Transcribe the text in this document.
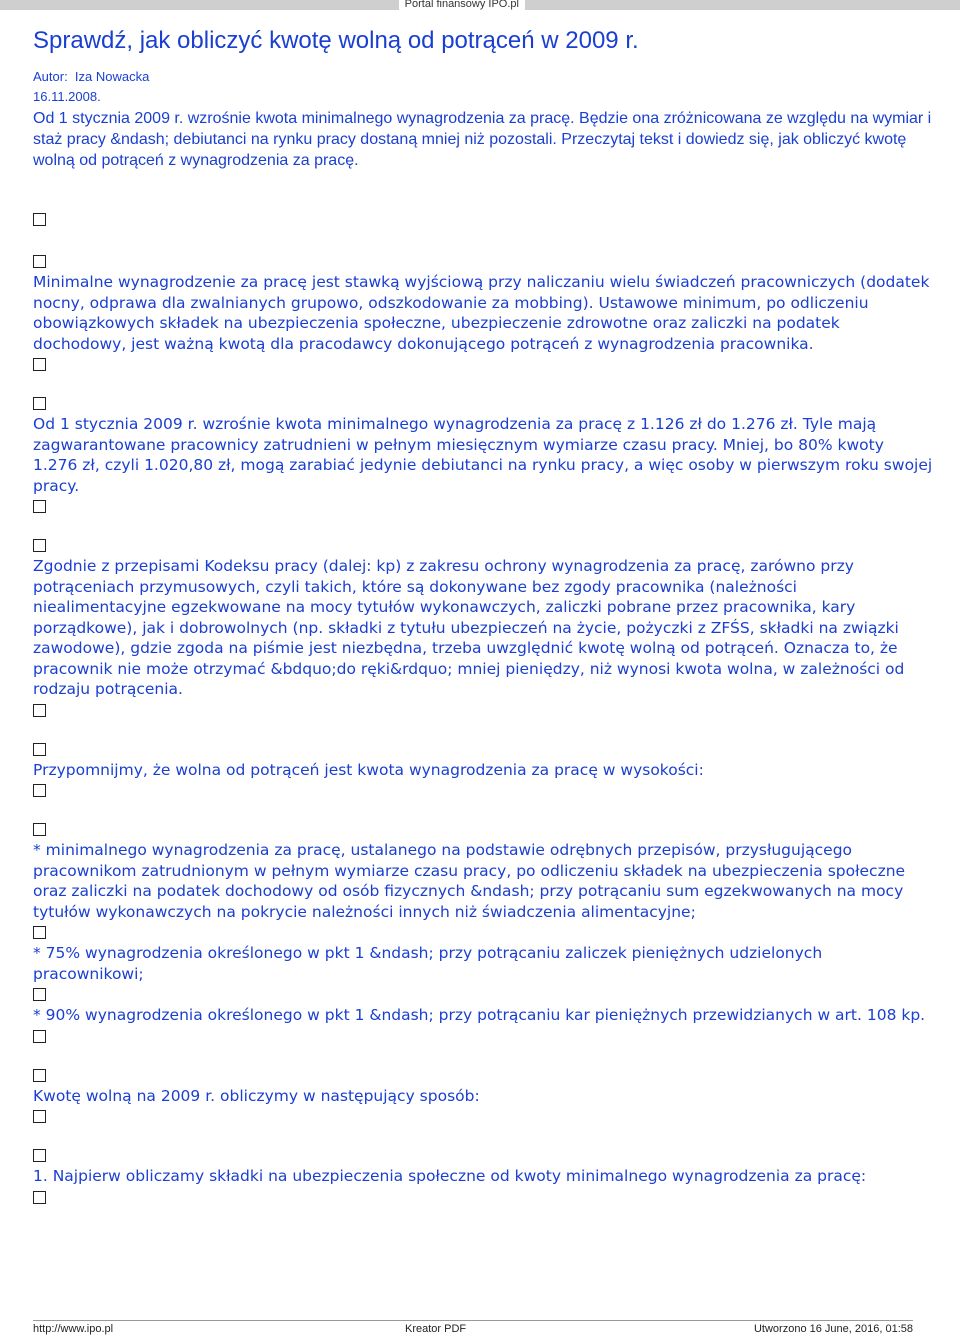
Portal finansowy IPO.pl
Sprawdź, jak obliczyć kwotę wolną od potrąceń w 2009 r.
Autor: Iza Nowacka
16.11.2008.

Od 1 stycznia 2009 r. wzrośnie kwota minimalnego wynagrodzenia za pracę. Będzie ona zróżnicowana ze względu na wymiar i staż pracy &ndash; debiutanci na rynku pracy dostaną mniej niż pozostali. Przeczytaj tekst i dowiedz się, jak obliczyć kwotę wolną od potrąceń z wynagrodzenia za pracę.

Minimalne wynagrodzenie za pracę jest stawką wyjściową przy naliczaniu wielu świadczeń pracowniczych (dodatek nocny, odprawa dla zwalnianych grupowo, odszkodowanie za mobbing). Ustawowe minimum, po odliczeniu obowiązkowych składek na ubezpieczenia społeczne, ubezpieczenie zdrowotne oraz zaliczki na podatek dochodowy, jest ważną kwotą dla pracodawcy dokonującego potrąceń z wynagrodzenia pracownika.

Od 1 stycznia 2009 r. wzrośnie kwota minimalnego wynagrodzenia za pracę z 1.126 zł do 1.276 zł. Tyle mają zagwarantowane pracownicy zatrudnieni w pełnym miesięcznym wymiarze czasu pracy. Mniej, bo 80% kwoty 1.276 zł, czyli 1.020,80 zł, mogą zarabiać jedynie debiutanci na rynku pracy, a więc osoby w pierwszym roku swojej pracy.

Zgodnie z przepisami Kodeksu pracy (dalej: kp) z zakresu ochrony wynagrodzenia za pracę, zarówno przy potrąceniach przymusowych, czyli takich, które są dokonywane bez zgody pracownika (należności niealimentacyjne egzekwowane na mocy tytułów wykonawczych, zaliczki pobrane przez pracownika, kary porządkowe), jak i dobrowolnych (np. składki z tytułu ubezpieczeń na życie, pożyczki z ZFŚS, składki na związki zawodowe), gdzie zgoda na piśmie jest niezbędna, trzeba uwzględnić kwotę wolną od potrąceń. Oznacza to, że pracownik nie może otrzymać &bdquo;do ręki&rdquo; mniej pieniędzy, niż wynosi kwota wolna, w zależności od rodzaju potrącenia.

Przypomnijmy, że wolna od potrąceń jest kwota wynagrodzenia za pracę w wysokości:

* minimalnego wynagrodzenia za pracę, ustalanego na podstawie odrębnych przepisów, przysługującego pracownikom zatrudnionym w pełnym wymiarze czasu pracy, po odliczeniu składek na ubezpieczenia społeczne oraz zaliczki na podatek dochodowy od osób fizycznych &ndash; przy potrącaniu sum egzekwowanych na mocy tytułów wykonawczych na pokrycie należności innych niż świadczenia alimentacyjne;

* 75% wynagrodzenia określonego w pkt 1 &ndash; przy potrącaniu zaliczek pieniężnych udzielonych pracownikowi;

* 90% wynagrodzenia określonego w pkt 1 &ndash; przy potrącaniu kar pieniężnych przewidzianych w art. 108 kp.

Kwotę wolną na 2009 r. obliczymy w następujący sposób:

1. Najpierw obliczamy składki na ubezpieczenia społeczne od kwoty minimalnego wynagrodzenia za pracę:

http://www.ipo.pl	Kreator PDF	Utworzono 16 June, 2016, 01:58
